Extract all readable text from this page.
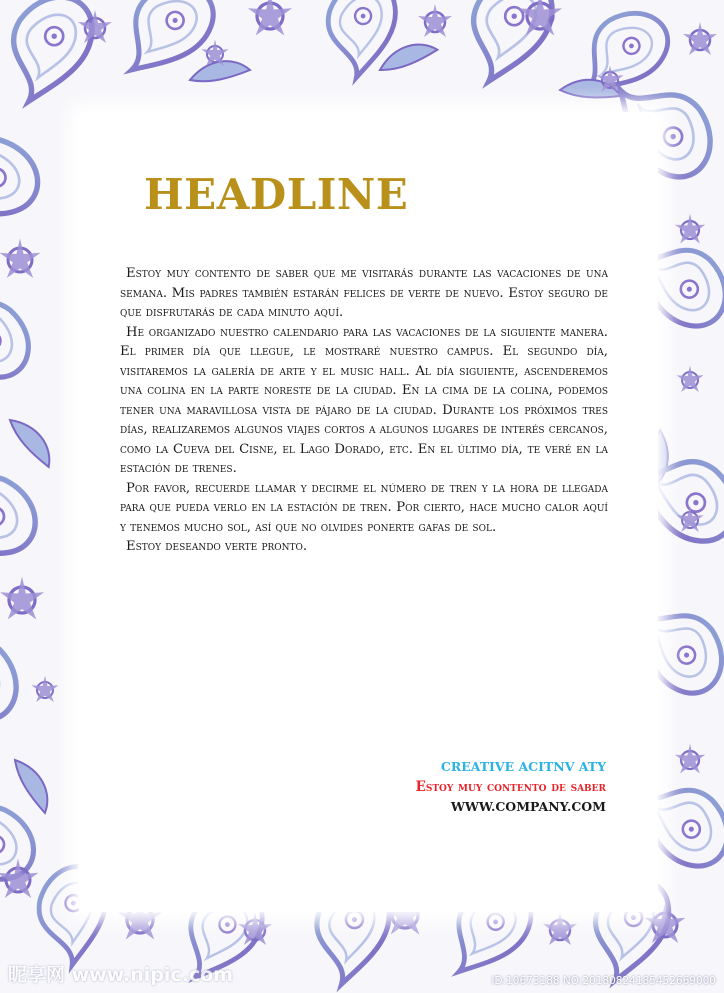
HEADLINE

Estoy muy contento de saber que me visitarás durante las vacaciones de una semana. Mis padres también estarán felices de verte de nuevo. Estoy seguro de que disfrutarás de cada minuto aquí.

He organizado nuestro calendario para las vacaciones de la siguiente manera. El primer día que llegue, le mostraré nuestro campus. El segundo día, visitaremos la galería de arte y el music hall. Al día siguiente, ascenderemos una colina en la parte noreste de la ciudad. En la cima de la colina, podemos tener una maravillosa vista de pájaro de la ciudad. Durante los próximos tres días, realizaremos algunos viajes cortos a algunos lugares de interés cercanos, como la Cueva del Cisne, el Lago Dorado, etc. En el último día, te veré en la estación de trenes.

Por favor, recuerde llamar y decirme el número de tren y la hora de llegada para que pueda verlo en la estación de tren. Por cierto, hace mucho calor aquí y tenemos mucho sol, así que no olvides ponerte gafas de sol.

Estoy deseando verte pronto.

CREATIVE ACITNV ATY
Estoy muy contento de saber
WWW.COMPANY.COM
昵享网 www.nipic.com	ID:10673188 NO:20180824185452669000
